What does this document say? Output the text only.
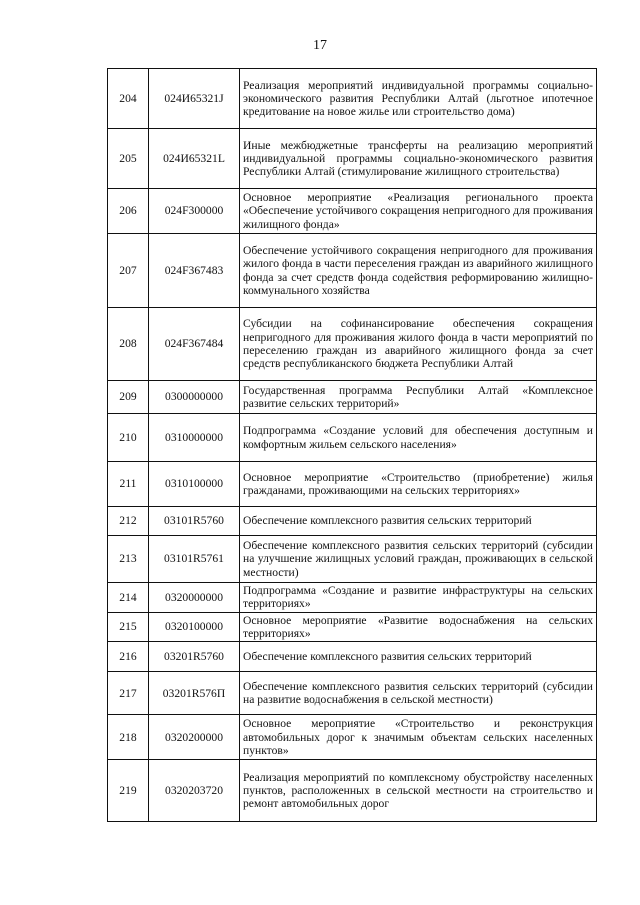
17
204	024И65321J	Реализация мероприятий индивидуальной программы социально-экономического развития Республики Алтай (льготное ипотечное кредитование на новое жилье или строительство дома)
205	024И65321L	Иные межбюджетные трансферты на реализацию мероприятий индивидуальной программы социально-экономического развития Республики Алтай (стимулирование жилищного строительства)
206	024F300000	Основное мероприятие «Реализация регионального проекта «Обеспечение устойчивого сокращения непригодного для проживания жилищного фонда»
207	024F367483	Обеспечение устойчивого сокращения непригодного для проживания жилого фонда в части переселения граждан из аварийного жилищного фонда за счет средств фонда содействия реформированию жилищно-коммунального хозяйства
208	024F367484	Субсидии на софинансирование обеспечения сокращения непригодного для проживания жилого фонда в части мероприятий по переселению граждан из аварийного жилищного фонда за счет средств республиканского бюджета Республики Алтай
209	0300000000	Государственная программа Республики Алтай «Комплексное развитие сельских территорий»
210	0310000000	Подпрограмма «Создание условий для обеспечения доступным и комфортным жильем сельского населения»
211	0310100000	Основное мероприятие «Строительство (приобретение) жилья гражданами, проживающими на сельских территориях»
212	03101R5760	Обеспечение комплексного развития сельских территорий
213	03101R5761	Обеспечение комплексного развития сельских территорий (субсидии на улучшение жилищных условий граждан, проживающих в сельской местности)
214	0320000000	Подпрограмма «Создание и развитие инфраструктуры на сельских территориях»
215	0320100000	Основное мероприятие «Развитие водоснабжения на сельских территориях»
216	03201R5760	Обеспечение комплексного развития сельских территорий
217	03201R576П	Обеспечение комплексного развития сельских территорий (субсидии на развитие водоснабжения в сельской местности)
218	0320200000	Основное мероприятие «Строительство и реконструкция автомобильных дорог к значимым объектам сельских населенных пунктов»
219	0320203720	Реализация мероприятий по комплексному обустройству населенных пунктов, расположенных в сельской местности на строительство и ремонт автомобильных дорог
